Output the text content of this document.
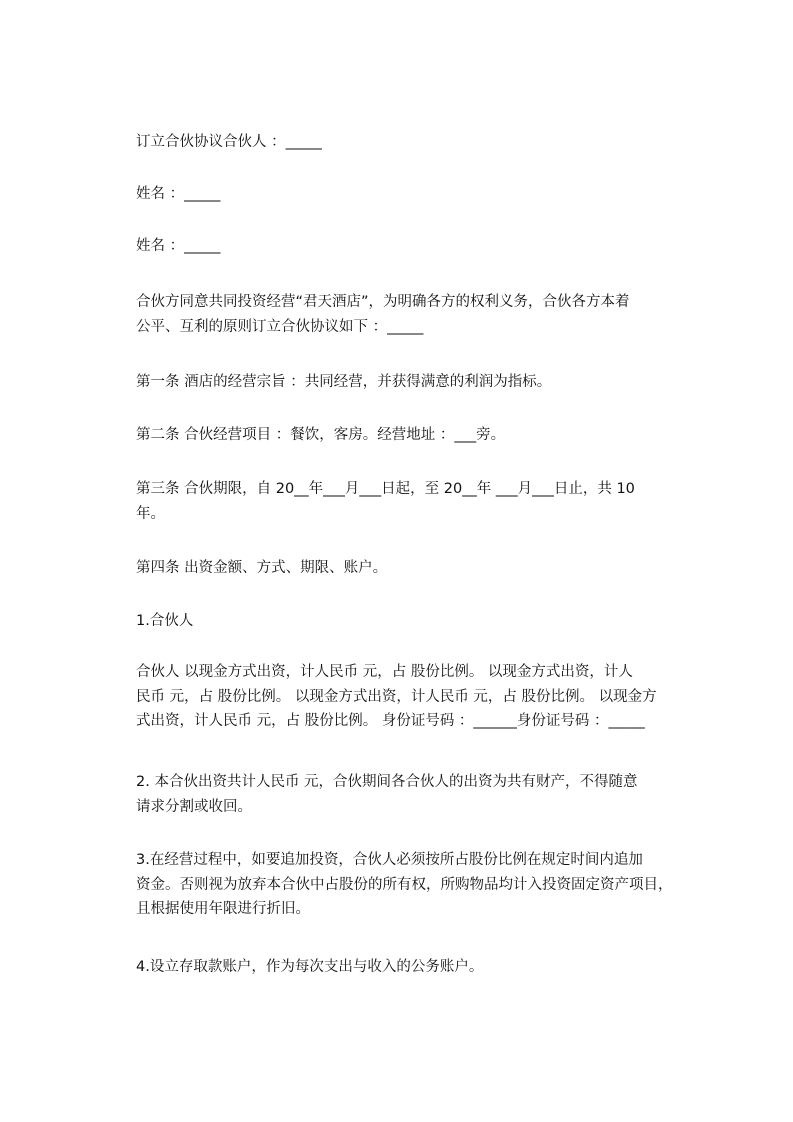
订立合伙协议合伙人 ：_____

姓名 ：_____

姓名 ：_____

合伙方同意共同投资经营“君天酒店”，为明确各方的权利义务，合伙各方本着
公平、互利的原则订立合伙协议如下 ：_____

第一条 酒店的经营宗旨 ：共同经营，并获得满意的利润为指标。

第二条 合伙经营项目 ：餐饮，客房。经营地址 ：___旁。

第三条 合伙期限，自 20__年___月___日起，至 20__年 ___月___日止，共 10
年。

第四条 出资金额、方式、期限、账户。

1.合伙人

合伙人 以现金方式出资，计人民币 元，占 股份比例。 以现金方式出资，计人
民币 元，占 股份比例。 以现金方式出资，计人民币 元，占 股份比例。 以现金方
式出资，计人民币 元，占 股份比例。 身份证号码 ：______身份证号码 ：_____

2. 本合伙出资共计人民币 元，合伙期间各合伙人的出资为共有财产，不得随意
请求分割或收回。

3.在经营过程中，如要追加投资，合伙人必须按所占股份比例在规定时间内追加
资金。否则视为放弃本合伙中占股份的所有权，所购物品均计入投资固定资产项目，
且根据使用年限进行折旧。

4.设立存取款账户，作为每次支出与收入的公务账户。
